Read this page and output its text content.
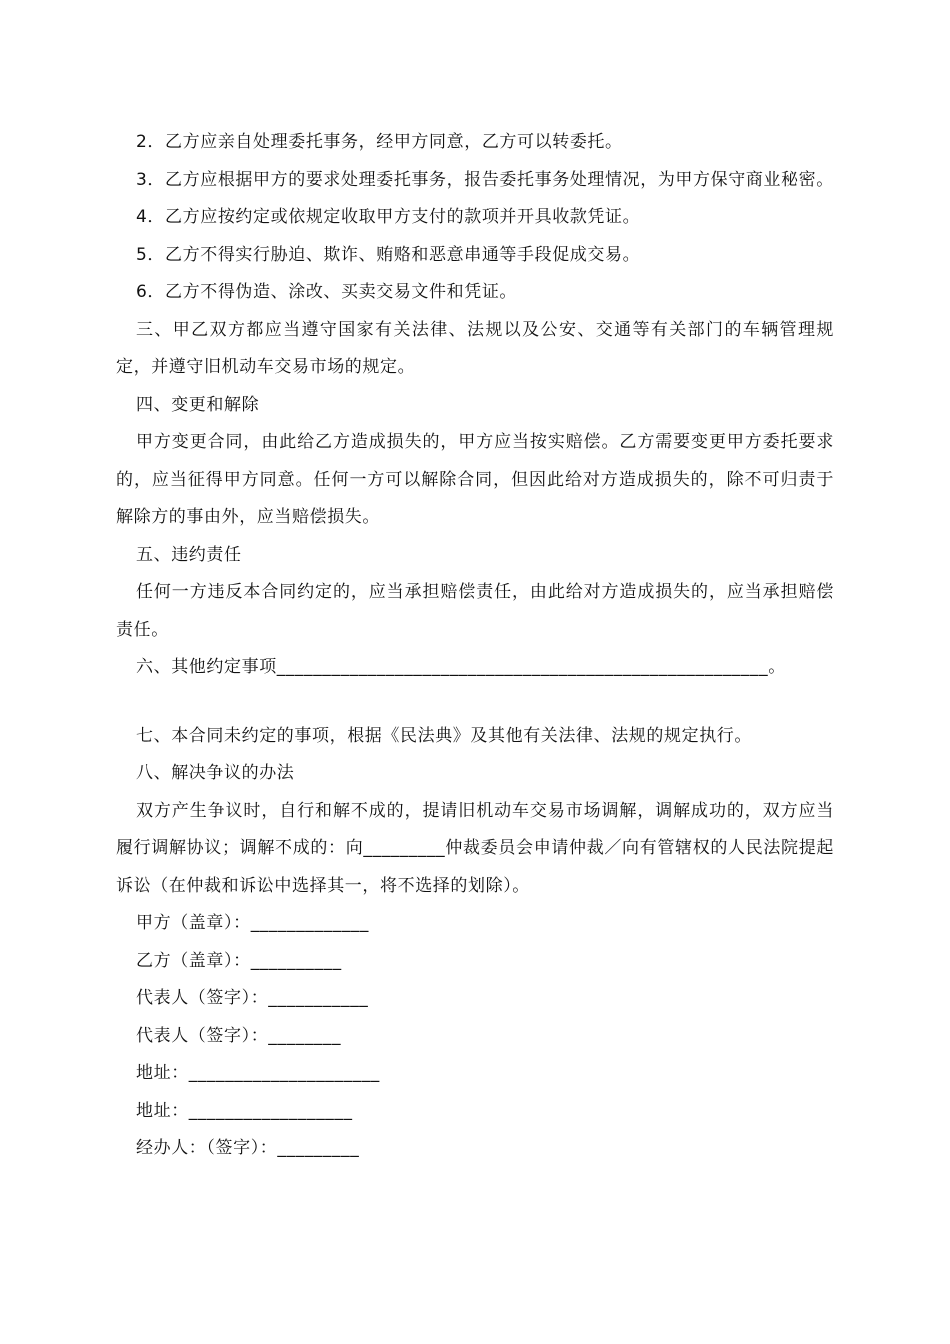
2．乙方应亲自处理委托事务，经甲方同意，乙方可以转委托。

3．乙方应根据甲方的要求处理委托事务，报告委托事务处理情况，为甲方保守商业秘密。

4．乙方应按约定或依规定收取甲方支付的款项并开具收款凭证。

5．乙方不得实行胁迫、欺诈、贿赂和恶意串通等手段促成交易。

6．乙方不得伪造、涂改、买卖交易文件和凭证。

三、甲乙双方都应当遵守国家有关法律、法规以及公安、交通等有关部门的车辆管理规定，并遵守旧机动车交易市场的规定。

四、变更和解除

甲方变更合同，由此给乙方造成损失的，甲方应当按实赔偿。乙方需要变更甲方委托要求的，应当征得甲方同意。任何一方可以解除合同，但因此给对方造成损失的，除不可归责于解除方的事由外，应当赔偿损失。

五、违约责任

任何一方违反本合同约定的，应当承担赔偿责任，由此给对方造成损失的，应当承担赔偿责任。

六、其他约定事项______________________________________________________。

七、本合同未约定的事项，根据《民法典》及其他有关法律、法规的规定执行。

八、解决争议的办法

双方产生争议时，自行和解不成的，提请旧机动车交易市场调解，调解成功的，双方应当履行调解协议；调解不成的：向_________仲裁委员会申请仲裁／向有管辖权的人民法院提起诉讼（在仲裁和诉讼中选择其一，将不选择的划除）。

甲方（盖章）：_____________

乙方（盖章）：__________

代表人（签字）：___________

代表人（签字）：________

地址：_____________________

地址：__________________

经办人：（签字）：_________
